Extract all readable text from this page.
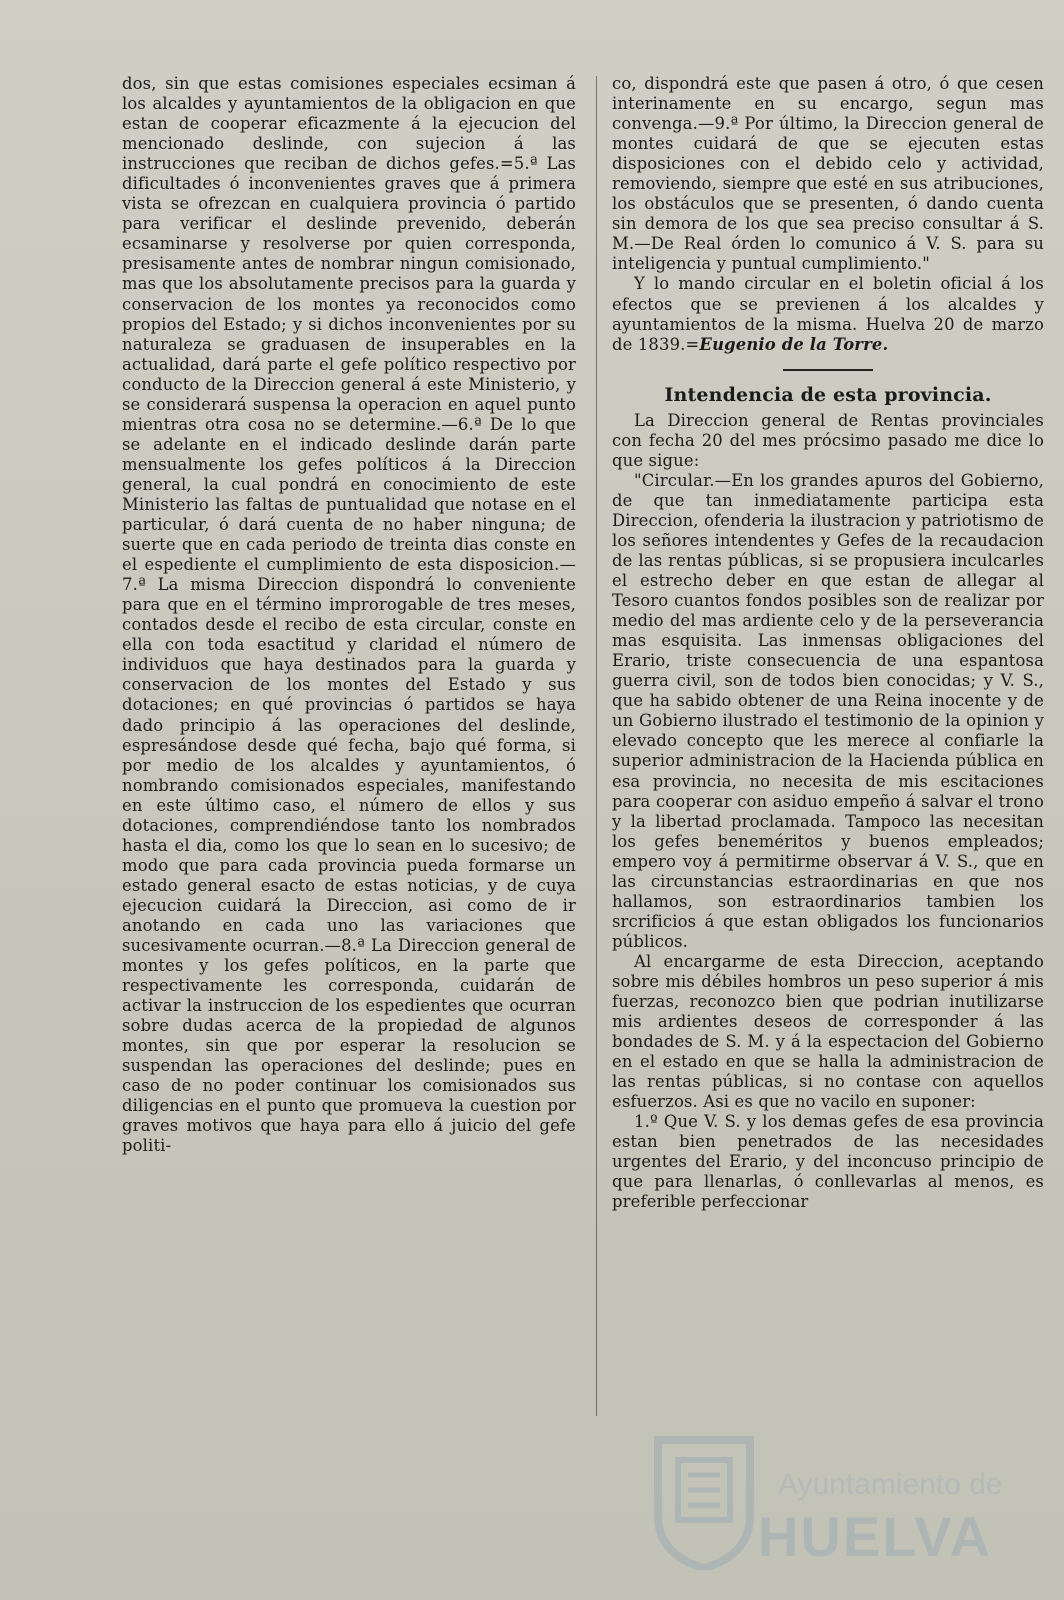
dos, sin que estas comisiones especiales ecsiman á los alcaldes y ayuntamientos de la obligacion en que estan de cooperar eficazmente á la ejecucion del mencionado deslinde, con sujecion á las instrucciones que reciban de dichos gefes.=5.ª Las dificultades ó inconvenientes graves que á primera vista se ofrezcan en cualquiera provincia ó partido para verificar el deslinde prevenido, deberán ecsaminarse y resolverse por quien corresponda, presisamente antes de nombrar ningun comisionado, mas que los absolutamente precisos para la guarda y conservacion de los montes ya reconocidos como propios del Estado; y si dichos inconvenientes por su naturaleza se graduasen de insuperables en la actualidad, dará parte el gefe político respectivo por conducto de la Direccion general á este Ministerio, y se considerará suspensa la operacion en aquel punto mientras otra cosa no se determine.—6.ª De lo que se adelante en el indicado deslinde darán parte mensualmente los gefes políticos á la Direccion general, la cual pondrá en conocimiento de este Ministerio las faltas de puntualidad que notase en el particular, ó dará cuenta de no haber ninguna; de suerte que en cada periodo de treinta dias conste en el espediente el cumplimiento de esta disposicion.—7.ª La misma Direccion dispondrá lo conveniente para que en el término improrogable de tres meses, contados desde el recibo de esta circular, conste en ella con toda esactitud y claridad el número de individuos que haya destinados para la guarda y conservacion de los montes del Estado y sus dotaciones; en qué provincias ó partidos se haya dado principio á las operaciones del deslinde, espresándose desde qué fecha, bajo qué forma, si por medio de los alcaldes y ayuntamientos, ó nombrando comisionados especiales, manifestando en este último caso, el número de ellos y sus dotaciones, comprendiéndose tanto los nombrados hasta el dia, como los que lo sean en lo sucesivo; de modo que para cada provincia pueda formarse un estado general esacto de estas noticias, y de cuya ejecucion cuidará la Direccion, asi como de ir anotando en cada uno las variaciones que sucesivamente ocurran.—8.ª La Direccion general de montes y los gefes políticos, en la parte que respectivamente les corresponda, cuidarán de activar la instruccion de los espedientes que ocurran sobre dudas acerca de la propiedad de algunos montes, sin que por esperar la resolucion se suspendan las operaciones del deslinde; pues en caso de no poder continuar los comisionados sus diligencias en el punto que promueva la cuestion por graves motivos que haya para ello á juicio del gefe politi-

co, dispondrá este que pasen á otro, ó que cesen interinamente en su encargo, segun mas convenga.—9.ª Por último, la Direccion general de montes cuidará de que se ejecuten estas disposiciones con el debido celo y actividad, removiendo, siempre que esté en sus atribuciones, los obstáculos que se presenten, ó dando cuenta sin demora de los que sea preciso consultar á S. M.—De Real órden lo comunico á V. S. para su inteligencia y puntual cumplimiento."

Y lo mando circular en el boletin oficial á los efectos que se previenen á los alcaldes y ayuntamientos de la misma. Huelva 20 de marzo de 1839.=Eugenio de la Torre.

Intendencia de esta provincia.

La Direccion general de Rentas provinciales con fecha 20 del mes prócsimo pasado me dice lo que sigue:

"Circular.—En los grandes apuros del Gobierno, de que tan inmediatamente participa esta Direccion, ofenderia la ilustracion y patriotismo de los señores intendentes y Gefes de la recaudacion de las rentas públicas, si se propusiera inculcarles el estrecho deber en que estan de allegar al Tesoro cuantos fondos posibles son de realizar por medio del mas ardiente celo y de la perseverancia mas esquisita. Las inmensas obligaciones del Erario, triste consecuencia de una espantosa guerra civil, son de todos bien conocidas; y V. S., que ha sabido obtener de una Reina inocente y de un Gobierno ilustrado el testimonio de la opinion y elevado concepto que les merece al confiarle la superior administracion de la Hacienda pública en esa provincia, no necesita de mis escitaciones para cooperar con asiduo empeño á salvar el trono y la libertad proclamada. Tampoco las necesitan los gefes beneméritos y buenos empleados; empero voy á permitirme observar á V. S., que en las circunstancias estraordinarias en que nos hallamos, son estraordinarios tambien los srcrificios á que estan obligados los funcionarios públicos.

Al encargarme de esta Direccion, aceptando sobre mis débiles hombros un peso superior á mis fuerzas, reconozco bien que podrian inutilizarse mis ardientes deseos de corresponder á las bondades de S. M. y á la espectacion del Gobierno en el estado en que se halla la administracion de las rentas públicas, si no contase con aquellos esfuerzos. Asi es que no vacilo en suponer:

1.º Que V. S. y los demas gefes de esa provincia estan bien penetrados de las necesidades urgentes del Erario, y del inconcuso principio de que para llenarlas, ó conllevarlas al menos, es preferible perfeccionar

Ayuntamiento de
HUELVA
